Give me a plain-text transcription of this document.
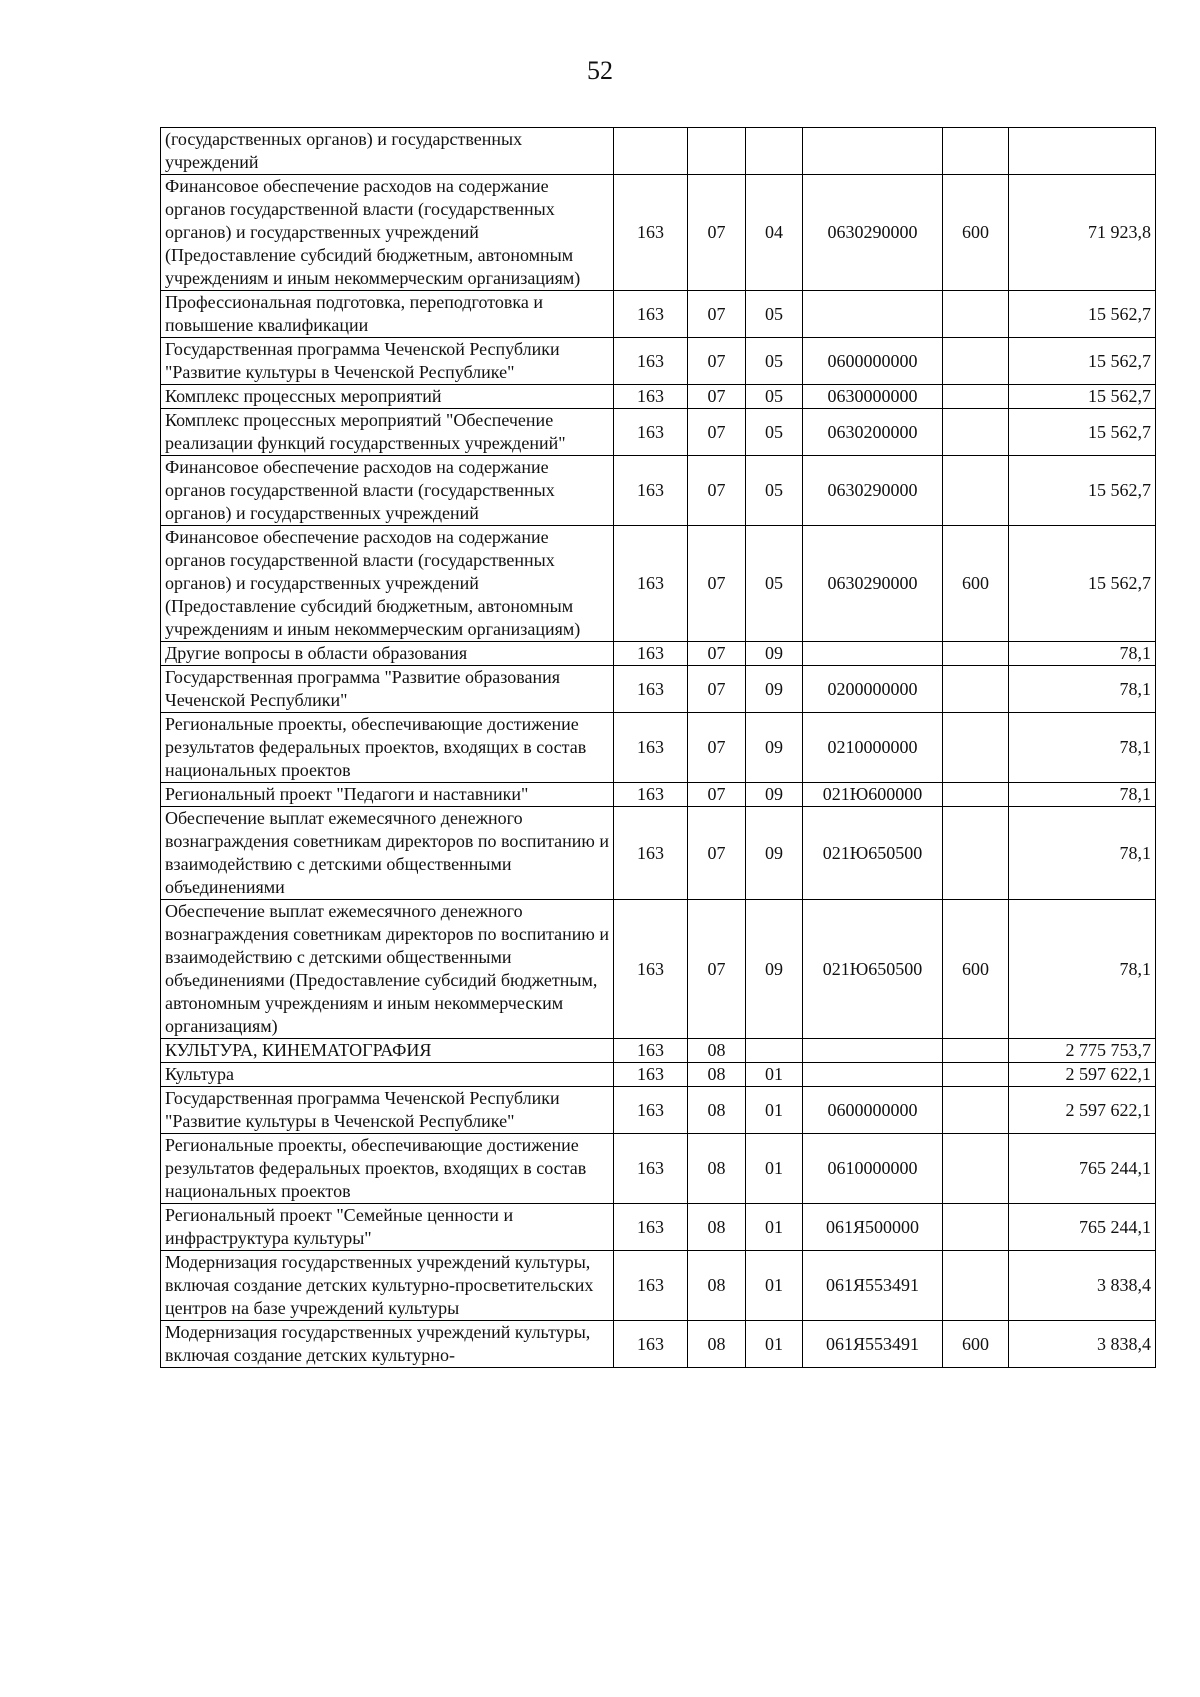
52
(государственных органов) и государственных учреждений						
Финансовое обеспечение расходов на содержание органов государственной власти (государственных органов) и государственных учреждений (Предоставление субсидий бюджетным, автономным учреждениям и иным некоммерческим организациям)	163	07	04	0630290000	600	71 923,8
Профессиональная подготовка, переподготовка и повышение квалификации	163	07	05			15 562,7
Государственная программа Чеченской Республики "Развитие культуры в Чеченской Республике"	163	07	05	0600000000		15 562,7
Комплекс процессных мероприятий	163	07	05	0630000000		15 562,7
Комплекс процессных мероприятий "Обеспечение реализации функций государственных учреждений"	163	07	05	0630200000		15 562,7
Финансовое обеспечение расходов на содержание органов государственной власти (государственных органов) и государственных учреждений	163	07	05	0630290000		15 562,7
Финансовое обеспечение расходов на содержание органов государственной власти (государственных органов) и государственных учреждений (Предоставление субсидий бюджетным, автономным учреждениям и иным некоммерческим организациям)	163	07	05	0630290000	600	15 562,7
Другие вопросы в области образования	163	07	09			78,1
Государственная программа "Развитие образования Чеченской Республики"	163	07	09	0200000000		78,1
Региональные проекты, обеспечивающие достижение результатов федеральных проектов, входящих в состав национальных проектов	163	07	09	0210000000		78,1
Региональный проект "Педагоги и наставники"	163	07	09	021Ю600000		78,1
Обеспечение выплат ежемесячного денежного вознаграждения советникам директоров по воспитанию и взаимодействию с детскими общественными объединениями	163	07	09	021Ю650500		78,1
Обеспечение выплат ежемесячного денежного вознаграждения советникам директоров по воспитанию и взаимодействию с детскими общественными объединениями (Предоставление субсидий бюджетным, автономным учреждениям и иным некоммерческим организациям)	163	07	09	021Ю650500	600	78,1
КУЛЬТУРА, КИНЕМАТОГРАФИЯ	163	08				2 775 753,7
Культура	163	08	01			2 597 622,1
Государственная программа Чеченской Республики "Развитие культуры в Чеченской Республике"	163	08	01	0600000000		2 597 622,1
Региональные проекты, обеспечивающие достижение результатов федеральных проектов, входящих в состав национальных проектов	163	08	01	0610000000		765 244,1
Региональный проект "Семейные ценности и инфраструктура культуры"	163	08	01	061Я500000		765 244,1
Модернизация государственных учреждений культуры, включая создание детских культурно-просветительских центров на базе учреждений культуры	163	08	01	061Я553491		3 838,4
Модернизация государственных учреждений культуры, включая создание детских культурно-	163	08	01	061Я553491	600	3 838,4
